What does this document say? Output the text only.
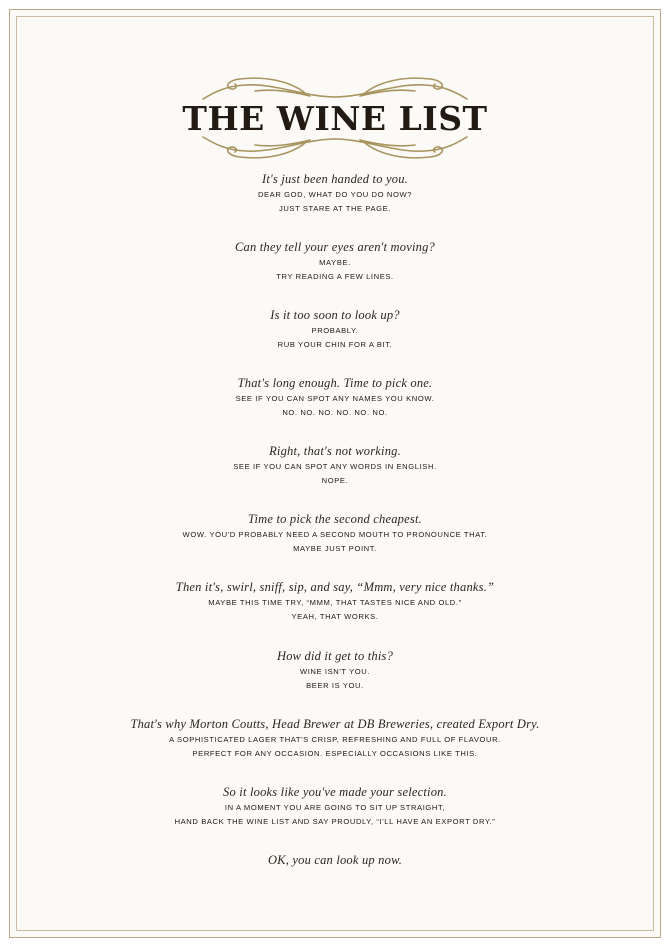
THE WINE LIST
It's just been handed to you.
DEAR GOD, WHAT DO YOU DO NOW?
JUST STARE AT THE PAGE.
Can they tell your eyes aren't moving?
MAYBE.
TRY READING A FEW LINES.
Is it too soon to look up?
PROBABLY.
RUB YOUR CHIN FOR A BIT.
That's long enough. Time to pick one.
SEE IF YOU CAN SPOT ANY NAMES YOU KNOW.
NO. NO. NO. NO. NO. NO.
Right, that's not working.
SEE IF YOU CAN SPOT ANY WORDS IN ENGLISH.
NOPE.
Time to pick the second cheapest.
WOW. YOU'D PROBABLY NEED A SECOND MOUTH TO PRONOUNCE THAT.
MAYBE JUST POINT.
Then it's, swirl, sniff, sip, and say, “Mmm, very nice thanks.”
MAYBE THIS TIME TRY, “MMM, THAT TASTES NICE AND OLD.”
YEAH, THAT WORKS.
How did it get to this?
WINE ISN'T YOU.
BEER IS YOU.
That's why Morton Coutts, Head Brewer at DB Breweries, created Export Dry.
A SOPHISTICATED LAGER THAT'S CRISP, REFRESHING AND FULL OF FLAVOUR.
PERFECT FOR ANY OCCASION. ESPECIALLY OCCASIONS LIKE THIS.
So it looks like you've made your selection.
IN A MOMENT YOU ARE GOING TO SIT UP STRAIGHT,
HAND BACK THE WINE LIST AND SAY PROUDLY, “I'LL HAVE AN EXPORT DRY.”
OK, you can look up now.
